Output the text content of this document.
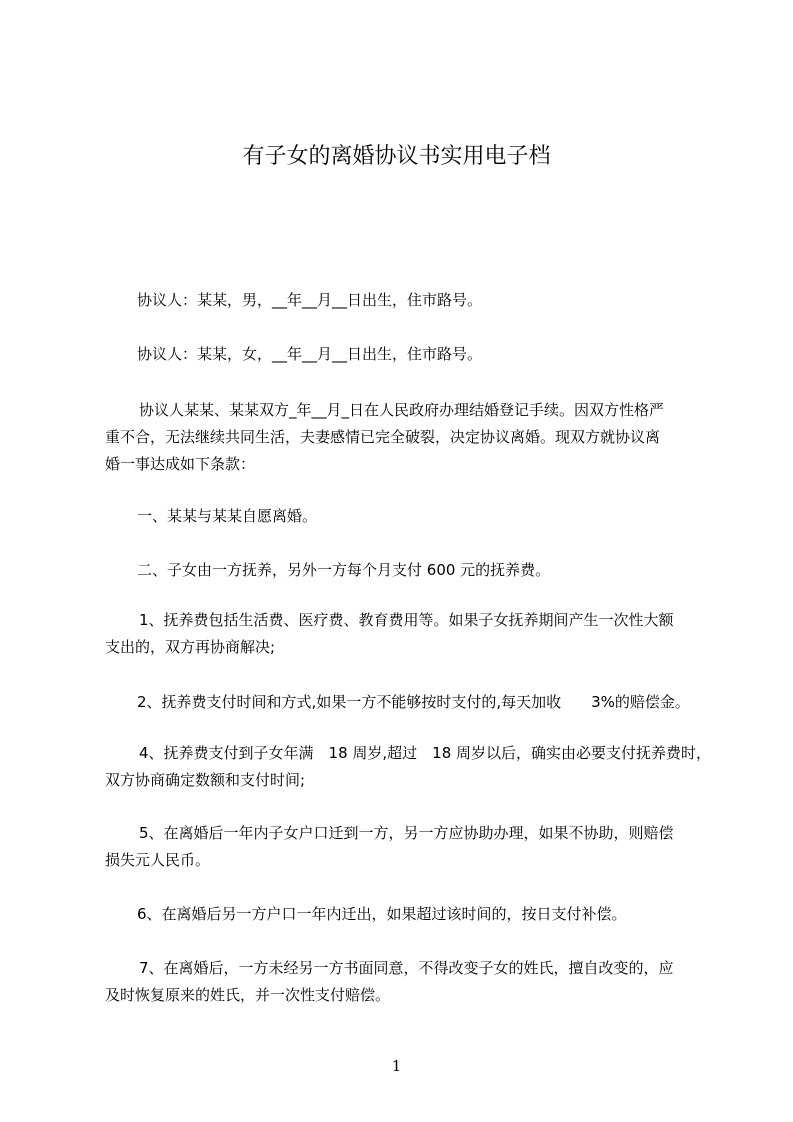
有子女的离婚协议书实用电子档

协议人：某某，男，__年__月__日出生，住市路号。

协议人：某某，女，__年__月__日出生，住市路号。

协议人某某、某某双方_年__月_日在人民政府办理结婚登记手续。因双方性格严

重不合，无法继续共同生活，夫妻感情已完全破裂，决定协议离婚。现双方就协议离

婚一事达成如下条款：

一、某某与某某自愿离婚。

二、子女由一方抚养，另外一方每个月支付 600 元的抚养费。

1、抚养费包括生活费、医疗费、教育费用等。如果子女抚养期间产生一次性大额

支出的，双方再协商解决;

2、抚养费支付时间和方式,如果一方不能够按时支付的,每天加收　　3%的赔偿金。

4、抚养费支付到子女年满　18 周岁,超过　18 周岁以后，确实由必要支付抚养费时，

双方协商确定数额和支付时间;

5、在离婚后一年内子女户口迁到一方，另一方应协助办理，如果不协助，则赔偿

损失元人民币。

6、在离婚后另一方户口一年内迁出，如果超过该时间的，按日支付补偿。

7、在离婚后，一方未经另一方书面同意，不得改变子女的姓氏，擅自改变的，应

及时恢复原来的姓氏，并一次性支付赔偿。

1
